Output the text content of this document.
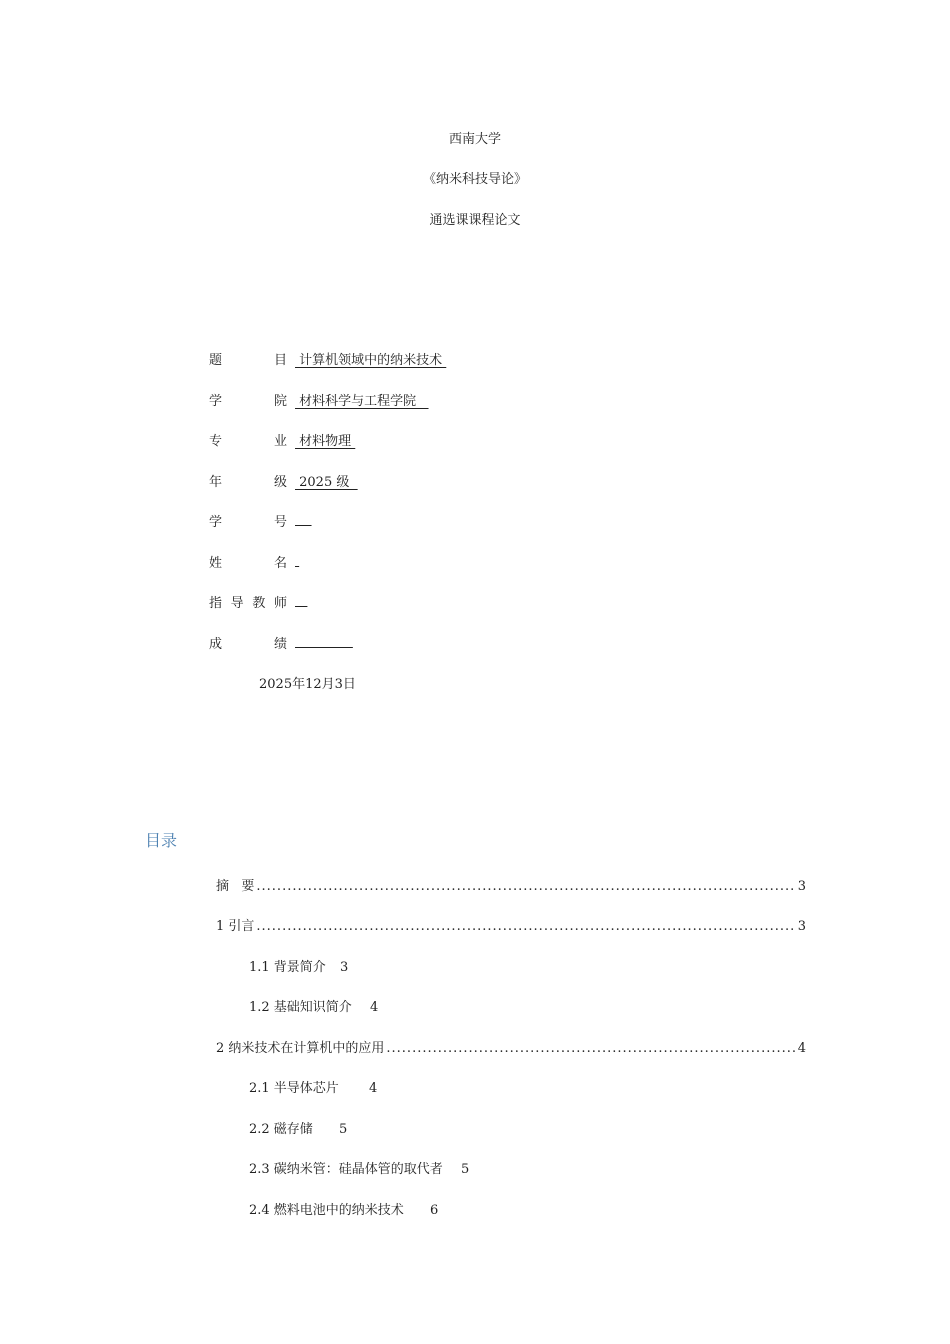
西南大学
《纳米科技导论》
通选课课程论文
题	目 计算机领域中的纳米技术
学	院 材料科学与工程学院
专	业 材料物理
年	级 2025 级
学	号

姓	名

指 导 教 师

成	绩

2025年12月3日
目录
摘   要 .....	3
1 引言 .....	3
1.1 背景简介 3
1.2 基础知识简介 4
2 纳米技术在计算机中的应用 .....	4
2.1 半导体芯片 4
2.2 磁存储 5
2.3 碳纳米管：硅晶体管的取代者 5
2.4 燃料电池中的纳米技术 6
